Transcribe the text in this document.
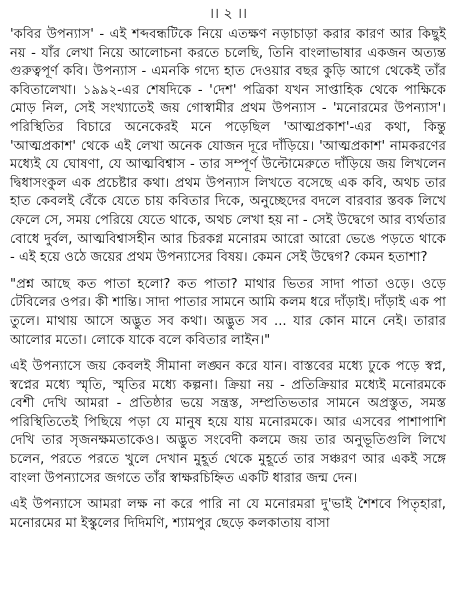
।। ২ ।।

'কবির উপন্যাস' - এই শব্দবন্ধটিকে নিয়ে এতক্ষণ নড়াচাড়া করার কারণ আর কিছুই নয় - যাঁর লেখা নিয়ে আলোচনা করতে চলেছি, তিনি বাংলাভাষার একজন অত্যন্ত গুরুত্বপূর্ণ কবি। উপন্যাস - এমনকি গদ্যে হাত দেওয়ার বছর কুড়ি আগে থেকেই তাঁর কবিতালেখা। ১৯৯২-এর শেষদিকে - 'দেশ' পত্রিকা যখন সাপ্তাহিক থেকে পাক্ষিকে মোড় নিল, সেই সংখ্যাতেই জয় গোস্বামীর প্রথম উপন্যাস - 'মনোরমের উপন্যাস'। পরিস্থিতির বিচারে অনেকেরই মনে পড়েছিল 'আত্মপ্রকাশ'-এর কথা, কিন্তু 'আত্মপ্রকাশ' থেকে এই লেখা অনেক যোজন দূরে দাঁড়িয়ে। 'আত্মপ্রকাশ' নামকরণের মধ্যেই যে ঘোষণা, যে আত্মবিশ্বাস - তার সম্পূর্ণ উল্টোমেরুতে দাঁড়িয়ে জয় লিখলেন দ্বিধাসংকুল এক প্রচেষ্টার কথা। প্রথম উপন্যাস লিখতে বসেছে এক কবি, অথচ তার হাত কেবলই বেঁকে যেতে চায় কবিতার দিকে, অনুচ্ছেদের বদলে বারবার স্তবক লিখে ফেলে সে, সময় পেরিয়ে যেতে থাকে, অথচ লেখা হয় না - সেই উদ্বেগে আর ব্যর্থতার বোধে দুর্বল, আত্মবিশ্বাসহীন আর চিরকগ্ন মনোরম আরো আরো ভেঙে পড়তে থাকে - এই হয়ে ওঠে জয়ের প্রথম উপন্যাসের বিষয়। কেমন সেই উদ্বেগ? কেমন হতাশা?

"প্রশ্ন আছে কত পাতা হলো? কত পাতা? মাথার ভিতর সাদা পাতা ওড়ে। ওড়ে টেবিলের ওপর। কী শান্তি। সাদা পাতার সামনে আমি কলম ধরে দাঁড়াই। দাঁড়াই এক পা তুলে। মাথায় আসে অদ্ভুত সব কথা। অদ্ভুত সব ... যার কোন মানে নেই। তারার আলোর মতো। লোকে যাকে বলে কবিতার লাইন।"

এই উপন্যাসে জয় কেবলই সীমানা লঙ্ঘন করে যান। বাস্তবের মধ্যে ঢুকে পড়ে স্বপ্ন, স্বপ্নের মধ্যে স্মৃতি, স্মৃতির মধ্যে কল্পনা। ক্রিয়া নয় - প্রতিক্রিয়ার মধ্যেই মনোরমকে বেশী দেখি আমরা - প্রতিষ্ঠার ভয়ে সন্ত্রস্ত, সম্প্রতিভতার সামনে অপ্রস্তুত, সমস্ত পরিস্থিতিতেই পিছিয়ে পড়া যে মানুষ হয়ে যায় মনোরমকে। আর এসবের পাশাপাশি দেখি তার সৃজনক্ষমতাকেও। অদ্ভুত সংবেদী কলমে জয় তার অনুভূতিগুলি লিখে চলেন, পরতে পরতে খুলে দেখান মুহূর্ত থেকে মুহূর্তে তার সঞ্চরণ আর একই সঙ্গে বাংলা উপন্যাসের জগতে তাঁর স্বাক্ষরচিহ্নিত একটি ধারার জন্ম দেন।

এই উপন্যাসে আমরা লক্ষ না করে পারি না যে মনোরমরা দু'ভাই শৈশবে পিতৃহারা, মনোরমের মা ইস্কুলের দিদিমণি, শ্যামপুর ছেড়ে কলকাতায় বাসা
